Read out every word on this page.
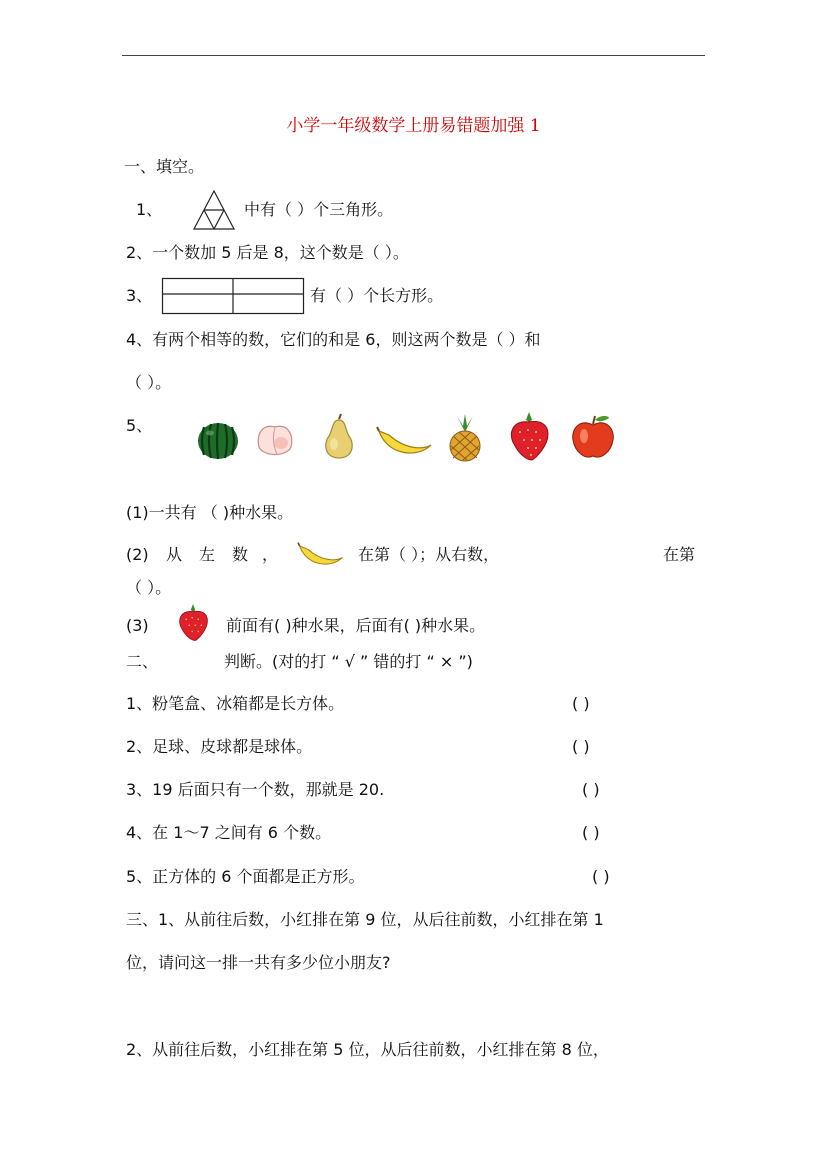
小学一年级数学上册易错题加强 1
一、填空。
1、	中有（ ）个三角形。
2、一个数加 5 后是 8，这个数是（ ）。
3、	有（ ）个长方形。
4、有两个相等的数，它们的和是 6，则这两个数是（ ）和
（ ）。
5、
(1)一共有 （ )种水果。
(2) 从 左 数 ，	在第（ ）；从右数，	在第
（ ）。
(3)	前面有( )种水果，后面有( )种水果。
二、	判断。(对的打 “ √ ” 错的打 “ × ”)
1、粉笔盒、冰箱都是长方体。	( )
2、足球、皮球都是球体。	( )
3、19 后面只有一个数，那就是 20.	( )
4、在 1～7 之间有 6 个数。	( )
5、正方体的 6 个面都是正方形。	( )
三、1、从前往后数，小红排在第 9 位，从后往前数，小红排在第 1
位，请问这一排一共有多少位小朋友?
2、从前往后数，小红排在第 5 位，从后往前数，小红排在第 8 位，
